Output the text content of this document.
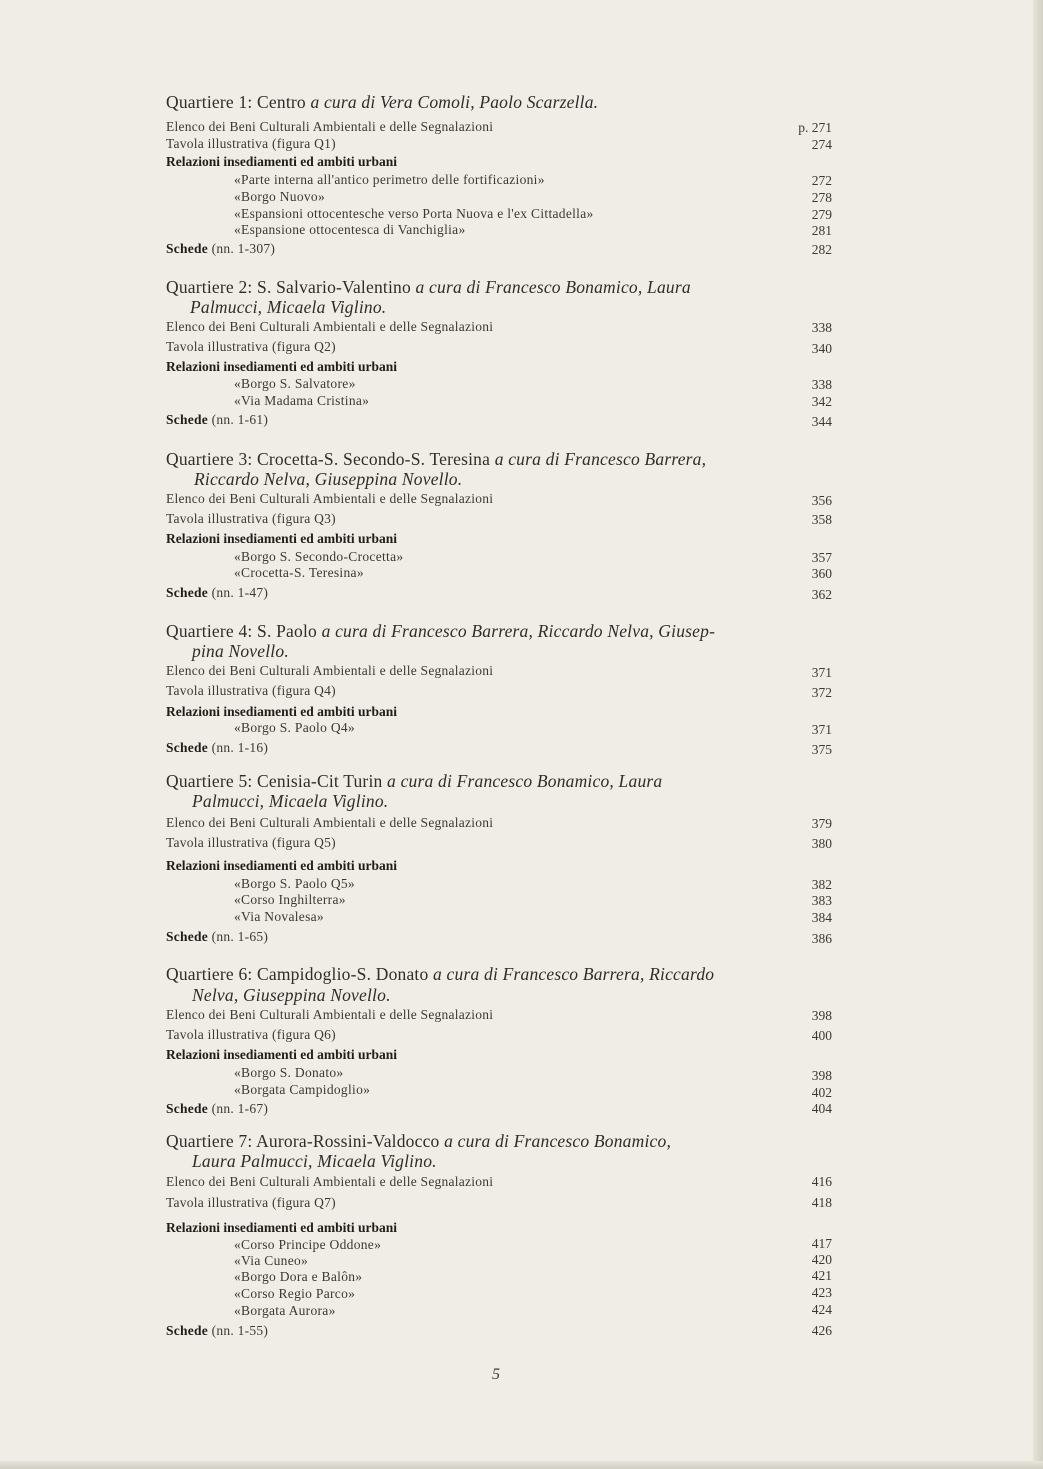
Quartiere 1: Centro a cura di Vera Comoli, Paolo Scarzella.
Elenco dei Beni Culturali Ambientali e delle Segnalazioni	p. 271
Tavola illustrativa (figura Q1)	274
Relazioni insediamenti ed ambiti urbani
«Parte interna all'antico perimetro delle fortificazioni»	272
«Borgo Nuovo»	278
«Espansioni ottocentesche verso Porta Nuova e l'ex Cittadella»	279
«Espansione ottocentesca di Vanchiglia»	281
Schede (nn. 1-307)	282
Quartiere 2: S. Salvario-Valentino a cura di Francesco Bonamico, Laura
Palmucci, Micaela Viglino.
Elenco dei Beni Culturali Ambientali e delle Segnalazioni	338
Tavola illustrativa (figura Q2)	340
Relazioni insediamenti ed ambiti urbani
«Borgo S. Salvatore»	338
«Via Madama Cristina»	342
Schede (nn. 1-61)	344
Quartiere 3: Crocetta-S. Secondo-S. Teresina a cura di Francesco Barrera,
Riccardo Nelva, Giuseppina Novello.
Elenco dei Beni Culturali Ambientali e delle Segnalazioni	356
Tavola illustrativa (figura Q3)	358
Relazioni insediamenti ed ambiti urbani
«Borgo S. Secondo-Crocetta»	357
«Crocetta-S. Teresina»	360
Schede (nn. 1-47)	362
Quartiere 4: S. Paolo a cura di Francesco Barrera, Riccardo Nelva, Giusep-
pina Novello.
Elenco dei Beni Culturali Ambientali e delle Segnalazioni	371
Tavola illustrativa (figura Q4)	372
Relazioni insediamenti ed ambiti urbani
«Borgo S. Paolo Q4»	371
Schede (nn. 1-16)	375
Quartiere 5: Cenisia-Cit Turin a cura di Francesco Bonamico, Laura
Palmucci, Micaela Viglino.
Elenco dei Beni Culturali Ambientali e delle Segnalazioni	379
Tavola illustrativa (figura Q5)	380
Relazioni insediamenti ed ambiti urbani
«Borgo S. Paolo Q5»	382
«Corso Inghilterra»	383
«Via Novalesa»	384
Schede (nn. 1-65)	386
Quartiere 6: Campidoglio-S. Donato a cura di Francesco Barrera, Riccardo
Nelva, Giuseppina Novello.
Elenco dei Beni Culturali Ambientali e delle Segnalazioni	398
Tavola illustrativa (figura Q6)	400
Relazioni insediamenti ed ambiti urbani
«Borgo S. Donato»	398
«Borgata Campidoglio»	402
Schede (nn. 1-67)	404
Quartiere 7: Aurora-Rossini-Valdocco a cura di Francesco Bonamico,
Laura Palmucci, Micaela Viglino.
Elenco dei Beni Culturali Ambientali e delle Segnalazioni	416
Tavola illustrativa (figura Q7)	418
Relazioni insediamenti ed ambiti urbani
«Corso Principe Oddone»	417
«Via Cuneo»	420
«Borgo Dora e Balôn»	421
«Corso Regio Parco»	423
«Borgata Aurora»	424
Schede (nn. 1-55)	426
5
